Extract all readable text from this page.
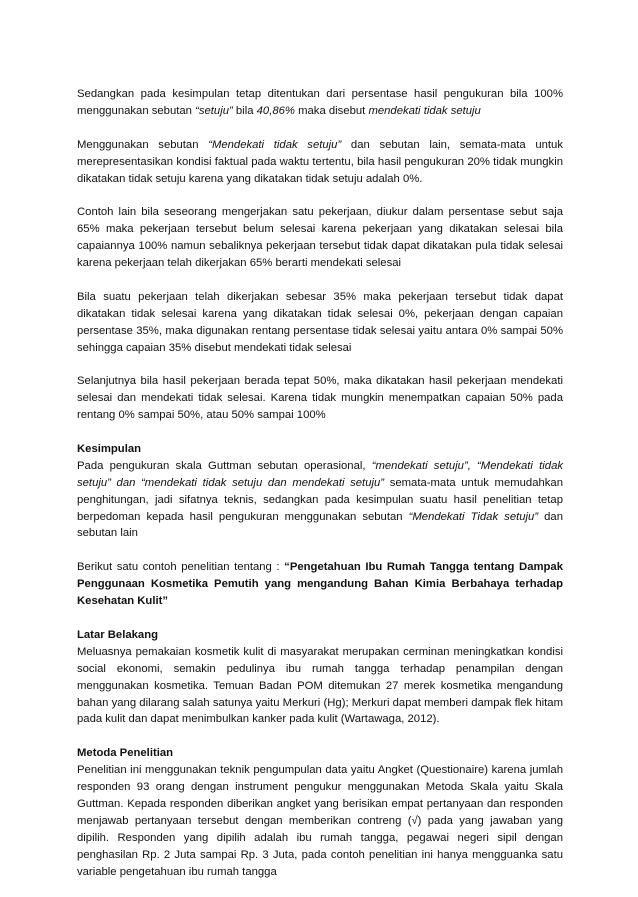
Sedangkan pada kesimpulan tetap ditentukan dari persentase hasil pengukuran bila 100% menggunakan sebutan “setuju” bila 40,86% maka disebut mendekati tidak setuju

Menggunakan sebutan “Mendekati tidak setuju” dan sebutan lain, semata-mata untuk merepresentasikan kondisi faktual pada waktu tertentu, bila hasil pengukuran 20% tidak mungkin dikatakan tidak setuju karena yang dikatakan tidak setuju adalah 0%.

Contoh lain bila seseorang mengerjakan satu pekerjaan, diukur dalam persentase sebut saja 65% maka pekerjaan tersebut belum selesai karena pekerjaan yang dikatakan selesai bila capaiannya 100% namun sebaliknya pekerjaan tersebut tidak dapat dikatakan pula tidak selesai karena pekerjaan telah dikerjakan 65% berarti mendekati selesai

Bila suatu pekerjaan telah dikerjakan sebesar 35% maka pekerjaan tersebut tidak dapat dikatakan tidak selesai karena yang dikatakan tidak selesai 0%, pekerjaan dengan capaian persentase 35%, maka digunakan rentang persentase tidak selesai yaitu antara 0% sampai 50% sehingga capaian 35% disebut mendekati tidak selesai

Selanjutnya bila hasil pekerjaan berada tepat 50%, maka dikatakan hasil pekerjaan mendekati selesai dan mendekati tidak selesai. Karena tidak mungkin menempatkan capaian 50% pada rentang 0% sampai 50%, atau 50% sampai 100%

Kesimpulan
Pada pengukuran skala Guttman sebutan operasional, “mendekati setuju”, “Mendekati tidak setuju” dan “mendekati tidak setuju dan mendekati setuju” semata-mata untuk memudahkan penghitungan, jadi sifatnya teknis, sedangkan pada kesimpulan suatu hasil penelitian tetap berpedoman kepada hasil pengukuran menggunakan sebutan “Mendekati Tidak setuju” dan sebutan lain

Berikut satu contoh penelitian tentang : “Pengetahuan Ibu Rumah Tangga tentang Dampak Penggunaan Kosmetika Pemutih yang mengandung Bahan Kimia Berbahaya terhadap Kesehatan Kulit”

Latar Belakang
Meluasnya pemakaian kosmetik kulit di masyarakat merupakan cerminan meningkatkan kondisi social ekonomi, semakin pedulinya ibu rumah tangga terhadap penampilan dengan menggunakan kosmetika. Temuan Badan POM ditemukan 27 merek kosmetika mengandung bahan yang dilarang salah satunya yaitu Merkuri (Hg); Merkuri dapat memberi dampak flek hitam pada kulit dan dapat menimbulkan kanker pada kulit (Wartawaga, 2012).

Metoda Penelitian
Penelitian ini menggunakan teknik pengumpulan data yaitu Angket (Questionaire) karena jumlah responden 93 orang dengan instrument pengukur menggunakan Metoda Skala yaitu Skala Guttman. Kepada responden diberikan angket yang berisikan empat pertanyaan dan responden menjawab pertanyaan tersebut dengan memberikan contreng (√) pada yang jawaban yang dipilih. Responden yang dipilih adalah ibu rumah tangga, pegawai negeri sipil dengan penghasilan Rp. 2 Juta sampai Rp. 3 Juta, pada contoh penelitian ini hanya mengguanka satu variable pengetahuan ibu rumah tangga
